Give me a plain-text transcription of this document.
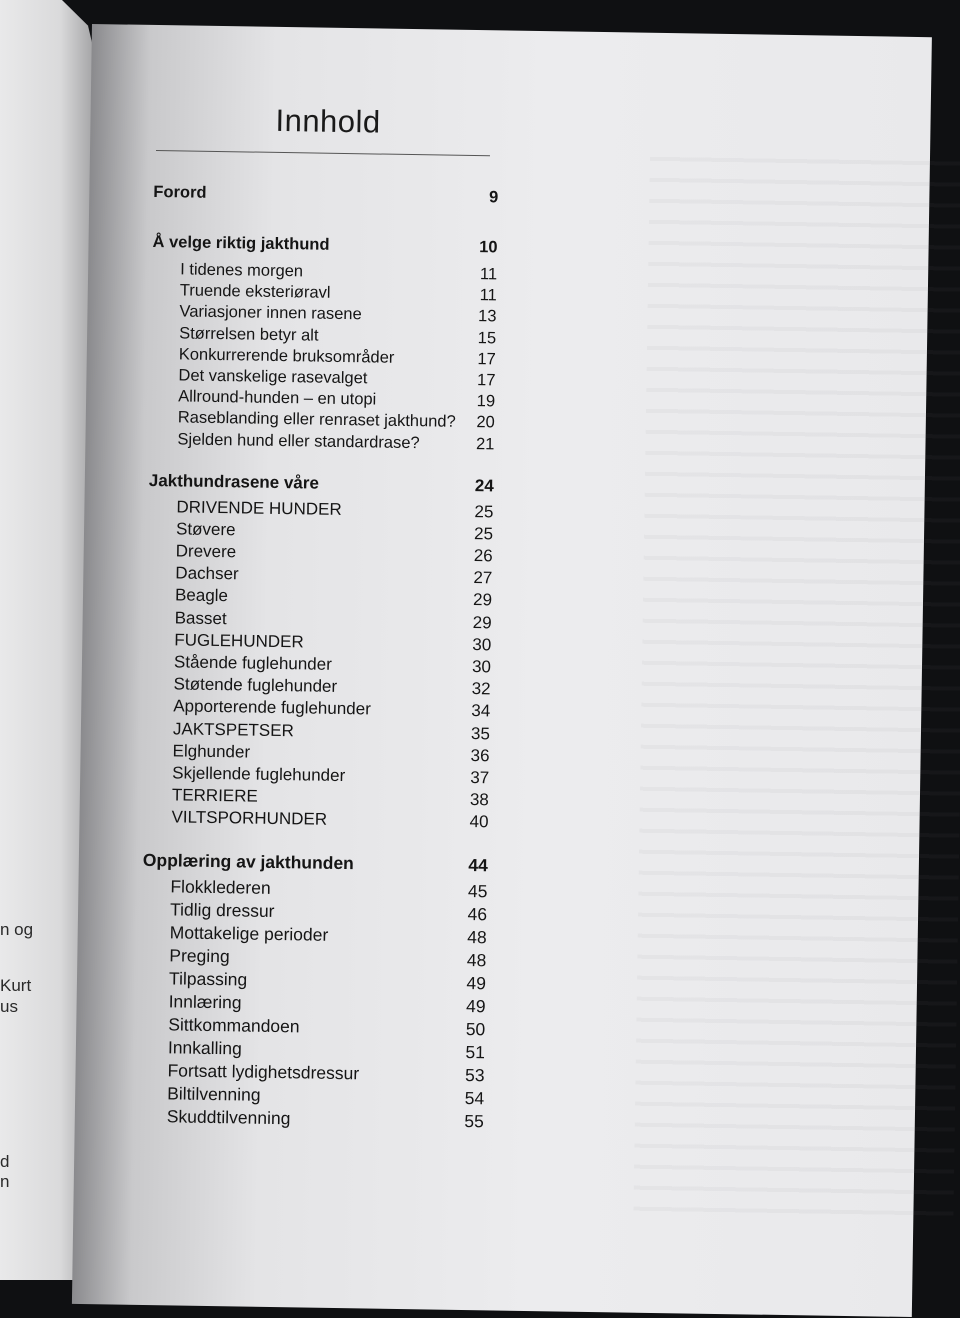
n og
Kurt
us
d
n
Innhold
Forord	9
Å velge riktig jakthund	10
I tidenes morgen	11
Truende eksteriøravl	11
Variasjoner innen rasene	13
Størrelsen betyr alt	15
Konkurrerende bruksområder	17
Det vanskelige rasevalget	17
Allround-hunden – en utopi	19
Raseblanding eller renraset jakthund?	20
Sjelden hund eller standardrase?	21
Jakthundrasene våre	24
DRIVENDE HUNDER	25
Støvere	25
Drevere	26
Dachser	27
Beagle	29
Basset	29
FUGLEHUNDER	30
Stående fuglehunder	30
Støtende fuglehunder	32
Apporterende fuglehunder	34
JAKTSPETSER	35
Elghunder	36
Skjellende fuglehunder	37
TERRIERE	38
VILTSPORHUNDER	40
Opplæring av jakthunden	44
Flokklederen	45
Tidlig dressur	46
Mottakelige perioder	48
Preging	48
Tilpassing	49
Innlæring	49
Sittkommandoen	50
Innkalling	51
Fortsatt lydighetsdressur	53
Biltilvenning	54
Skuddtilvenning	55
